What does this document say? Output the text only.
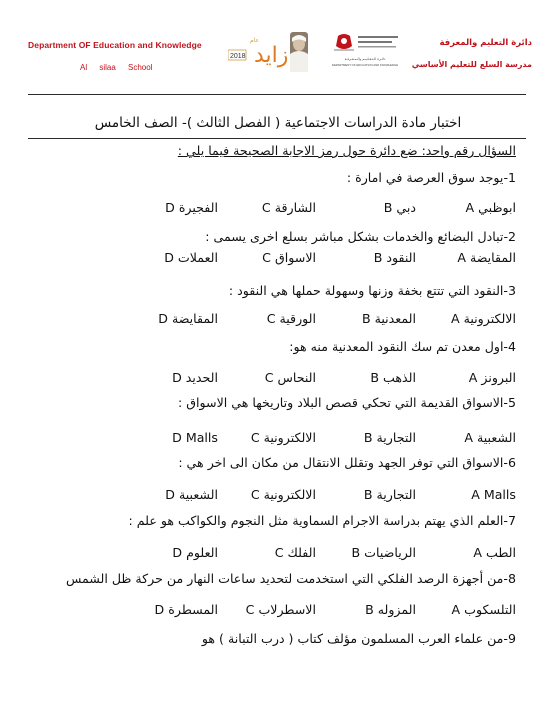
Department OF Education and Knowledge
Al silaa School
2018 زايد
عام
دائـرة الـتـعـلـيـم والـمـعـرفـة
DEPARTMENT OF EDUCATION AND KNOWLEDGE
دائرة التعليم والمعرفة
مدرسة السلع للتعليم الأساسي
اختبار مادة الدراسات الاجتماعية ( الفصل الثالث )- الصف الخامس
السؤال رقم واحد: ضع دائرة حول رمز الاجابة الصحيحة فيما يلي :
1-يوجد سوق العرصة في امارة :
A ابوظبي
B دبي
C الشارقة
D الفجيرة
2-تبادل البضائع والخدمات بشكل مباشر بسلع اخرى يسمى :
A المقايضة
B النقود
C الاسواق
D العملات
3-النقود التي تتتع بخفة وزنها وسهولة حملها هي النقود :
A الالكترونية
B المعدنية
C الورقية
D المقايضة
4-اول معدن تم سك النقود المعدنية منه هو:
A البرونز
B الذهب
C النحاس
D الحديد
5-الاسواق القديمة التي تحكي قصص البلاد وتاريخها هي الاسواق :
A الشعبية
B التجارية
C الالكترونية
D Malls
6-الاسواق التي توفر الجهد وتقلل الانتقال من مكان الى اخر هي :
A Malls
B التجارية
C الالكترونية
D الشعبية
7-العلم الذي يهتم بدراسة الاجرام السماوية مثل النجوم والكواكب هو علم :
A الطب
B الرياضيات
C الفلك
D العلوم
8-من أجهزة الرصد الفلكي التي استخدمت لتحديد ساعات النهار من حركة ظل الشمس
A التلسكوب
B المزوله
C الاسطرلاب
D المسطرة
9-من علماء العرب المسلمون مؤلف كتاب ( درب التبانة ) هو
